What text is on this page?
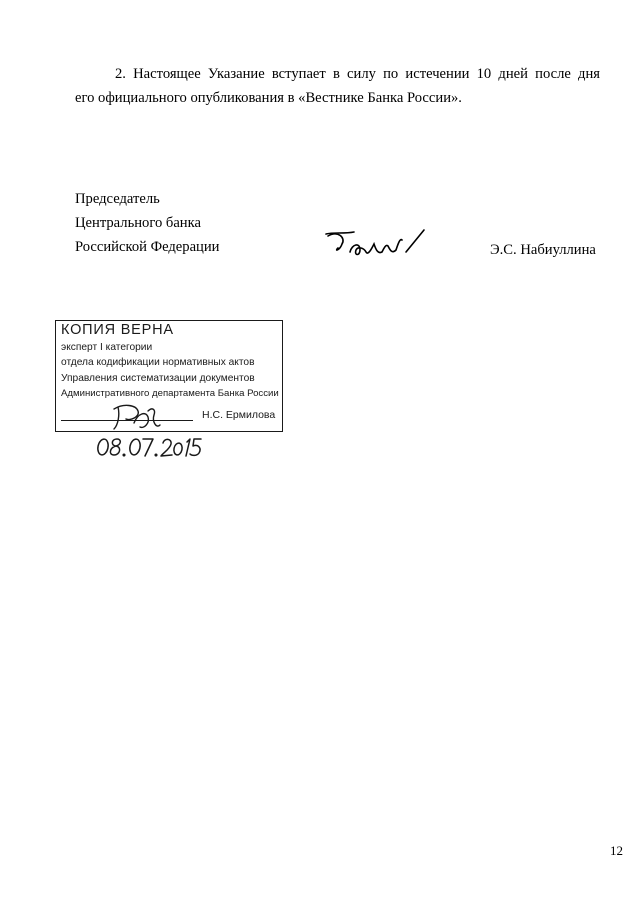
2. Настоящее Указание вступает в силу по истечении 10 дней после дня
его официального опубликования в «Вестнике Банка России».
Председатель
Центрального банка
Российской Федерации	Э.С. Набиуллина
КОПИЯ ВЕРНА
эксперт I категории
отдела кодификации нормативных актов
Управления систематизации документов
Административного департамента Банка России
Н.С. Ермилова
12
